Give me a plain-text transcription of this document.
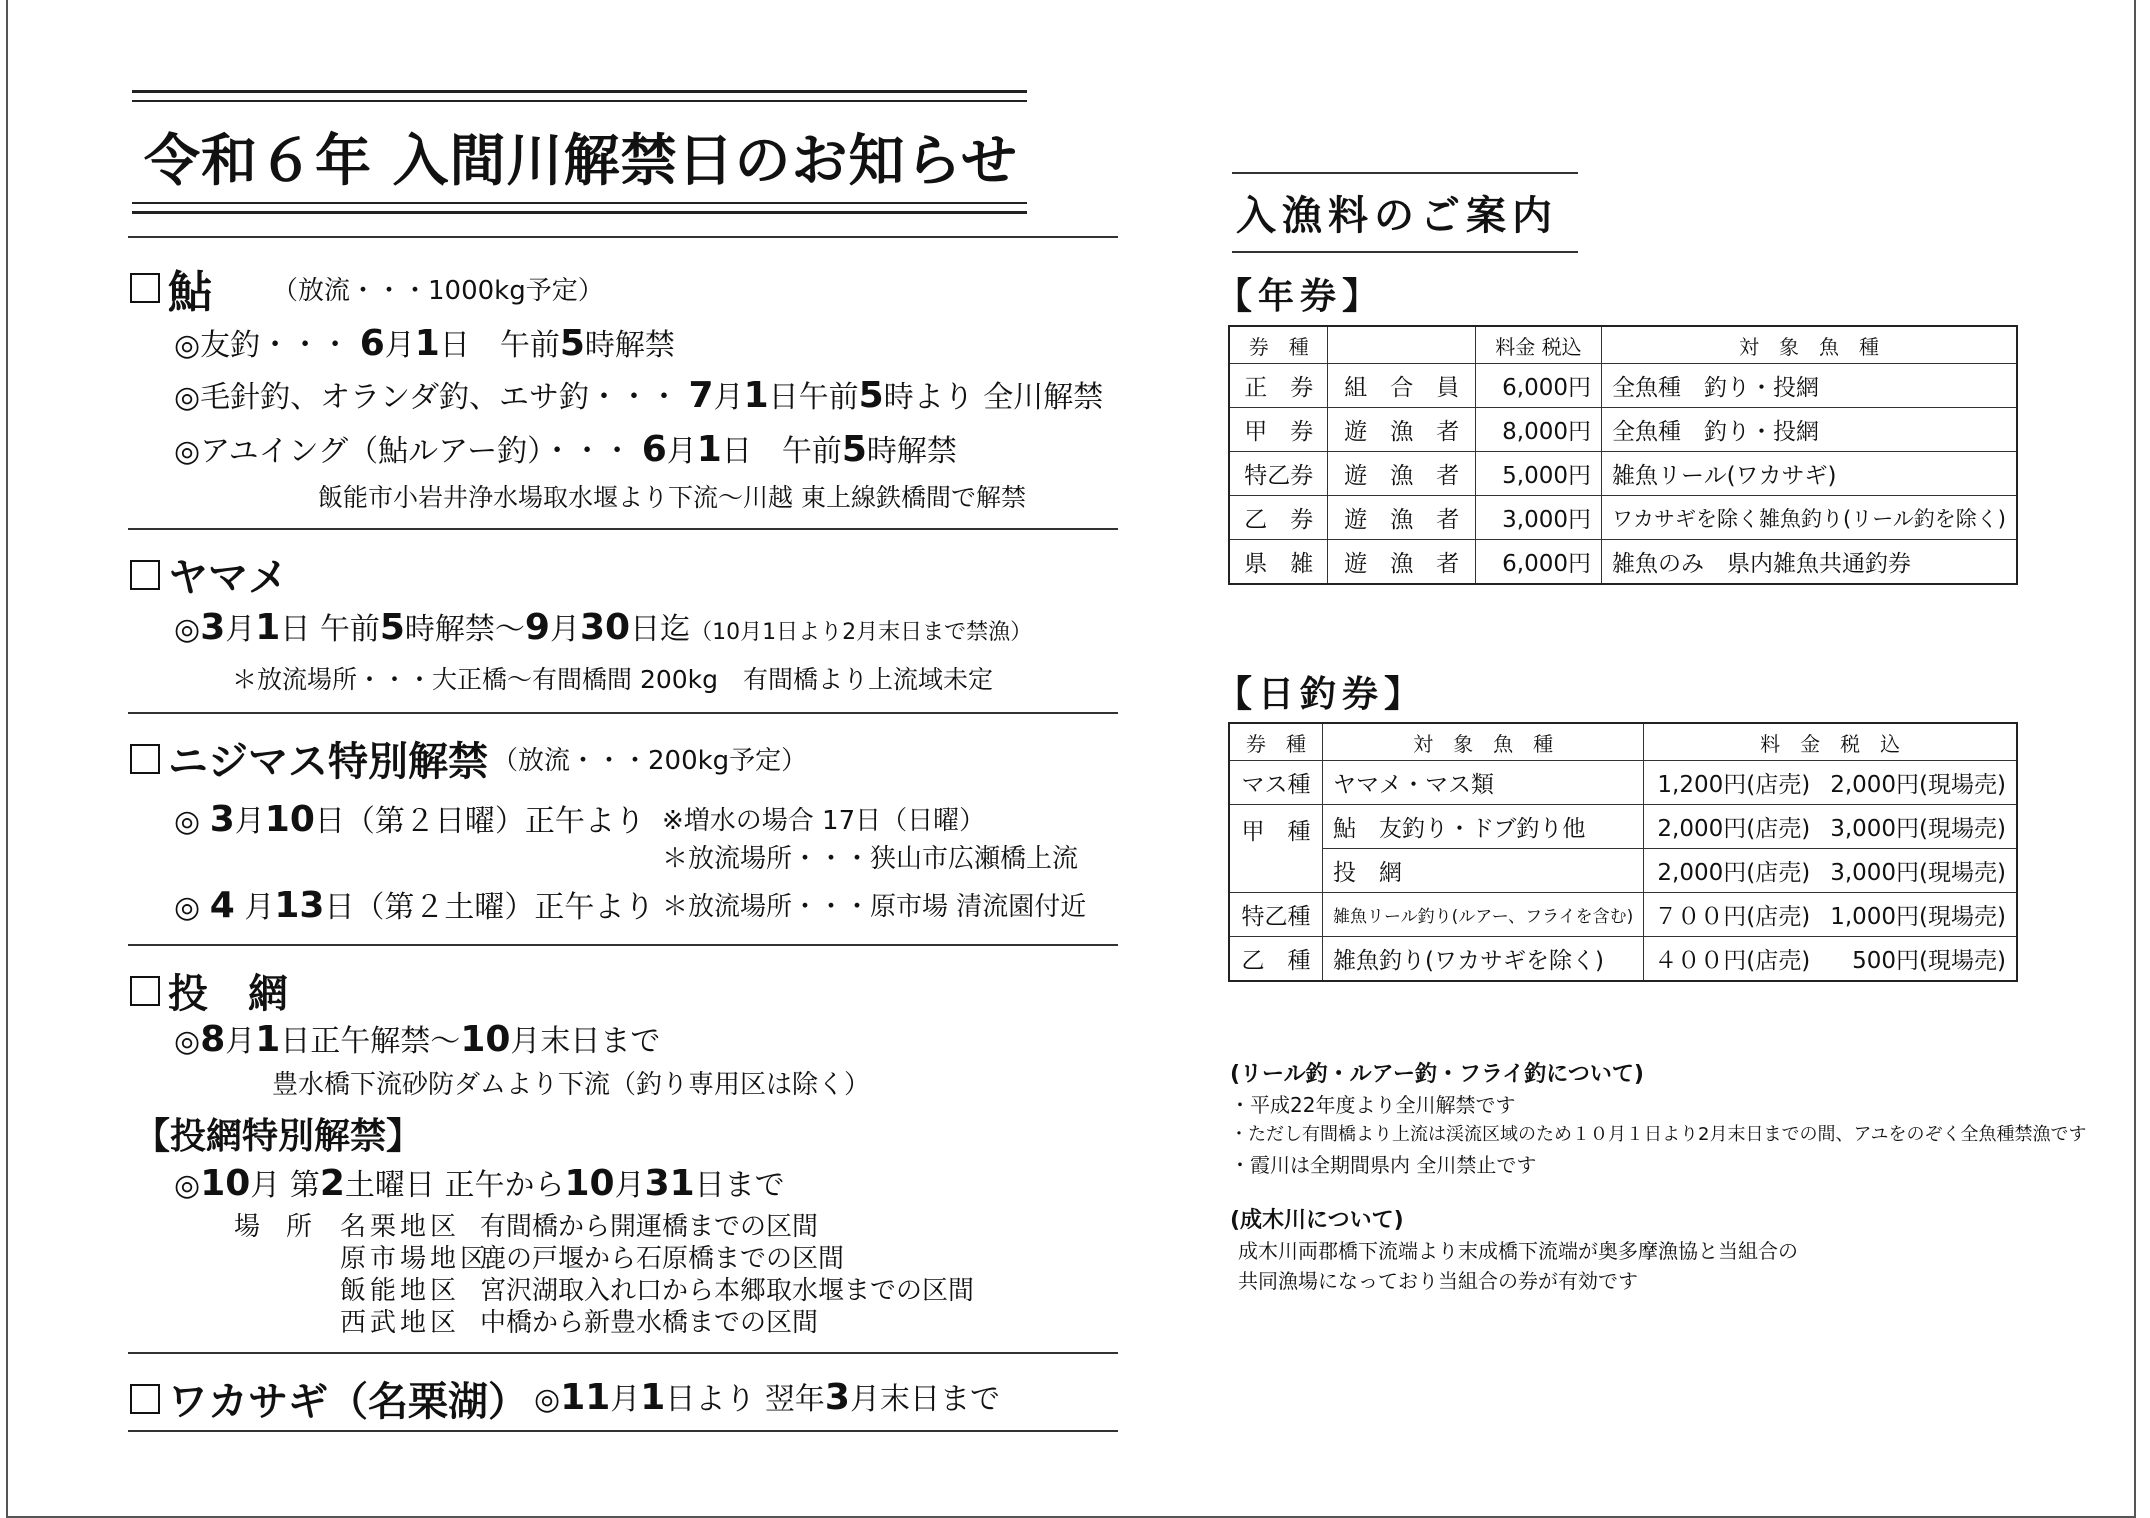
令和６年 入間川解禁日のお知らせ
鮎 （放流・・・1000kg予定）
◎友釣・・・ 6月1日　午前5時解禁
◎毛針釣、オランダ釣、エサ釣・・・ 7月1日午前5時より 全川解禁
◎アユイング（鮎ルアー釣）・・・ 6月1日　午前5時解禁
飯能市小岩井浄水場取水堰より下流～川越 東上線鉄橋間で解禁
ヤマメ
◎3月1日 午前5時解禁～9月30日迄（10月1日より2月末日まで禁漁）
＊放流場所・・・大正橋～有間橋間 200kg　有間橋より上流域未定
ニジマス特別解禁 （放流・・・200kg予定）
◎ 3月10日（第２日曜）正午より ※増水の場合 17日（日曜）
＊放流場所・・・狭山市広瀬橋上流
◎ 4 月13日（第２土曜）正午より ＊放流場所・・・原市場 清流園付近
投　網
◎8月1日正午解禁～10月末日まで
豊水橋下流砂防ダムより下流（釣り専用区は除く）
【投網特別解禁】
◎10月 第2土曜日 正午から10月31日まで
場　所 名栗地区 有間橋から開運橋までの区間
原市場地区鹿の戸堰から石原橋までの区間
飯能地区 宮沢湖取入れ口から本郷取水堰までの区間
西武地区 中橋から新豊水橋までの区間
ワカサギ（名栗湖） ◎11月1日より 翌年3月末日まで
入漁料のご案内
【年券】
券　種		料金 税込	対　象　魚　種
正　券	組　合　員	6,000円	全魚種　釣り・投網
甲　券	遊　漁　者	8,000円	全魚種　釣り・投網
特乙券	遊　漁　者	5,000円	雑魚リール(ワカサギ)
乙　券	遊　漁　者	3,000円	ワカサギを除く雑魚釣り(リール釣を除く)
県　雑	遊　漁　者	6,000円	雑魚のみ　県内雑魚共通釣券
【日釣券】
券　種	対　象　魚　種	料　金　税　込	
マス種	ヤマメ・マス類	1,200円(店売)	2,000円(現場売)
甲　種	鮎　友釣り・ドブ釣り他	2,000円(店売)	3,000円(現場売)
	投　網	2,000円(店売)	3,000円(現場売)
特乙種	雑魚リール釣り(ルアー、フライを含む)	７００円(店売)	1,000円(現場売)
乙　種	雑魚釣り(ワカサギを除く)	４００円(店売)	500円(現場売)
(リール釣・ルアー釣・フライ釣について)
・平成22年度より全川解禁です
・ただし有間橋より上流は渓流区域のため１０月１日より2月末日までの間、アユをのぞく全魚種禁漁です
・霞川は全期間県内 全川禁止です
(成木川について)
成木川両郡橋下流端より末成橋下流端が奥多摩漁協と当組合の
共同漁場になっており当組合の券が有効です
